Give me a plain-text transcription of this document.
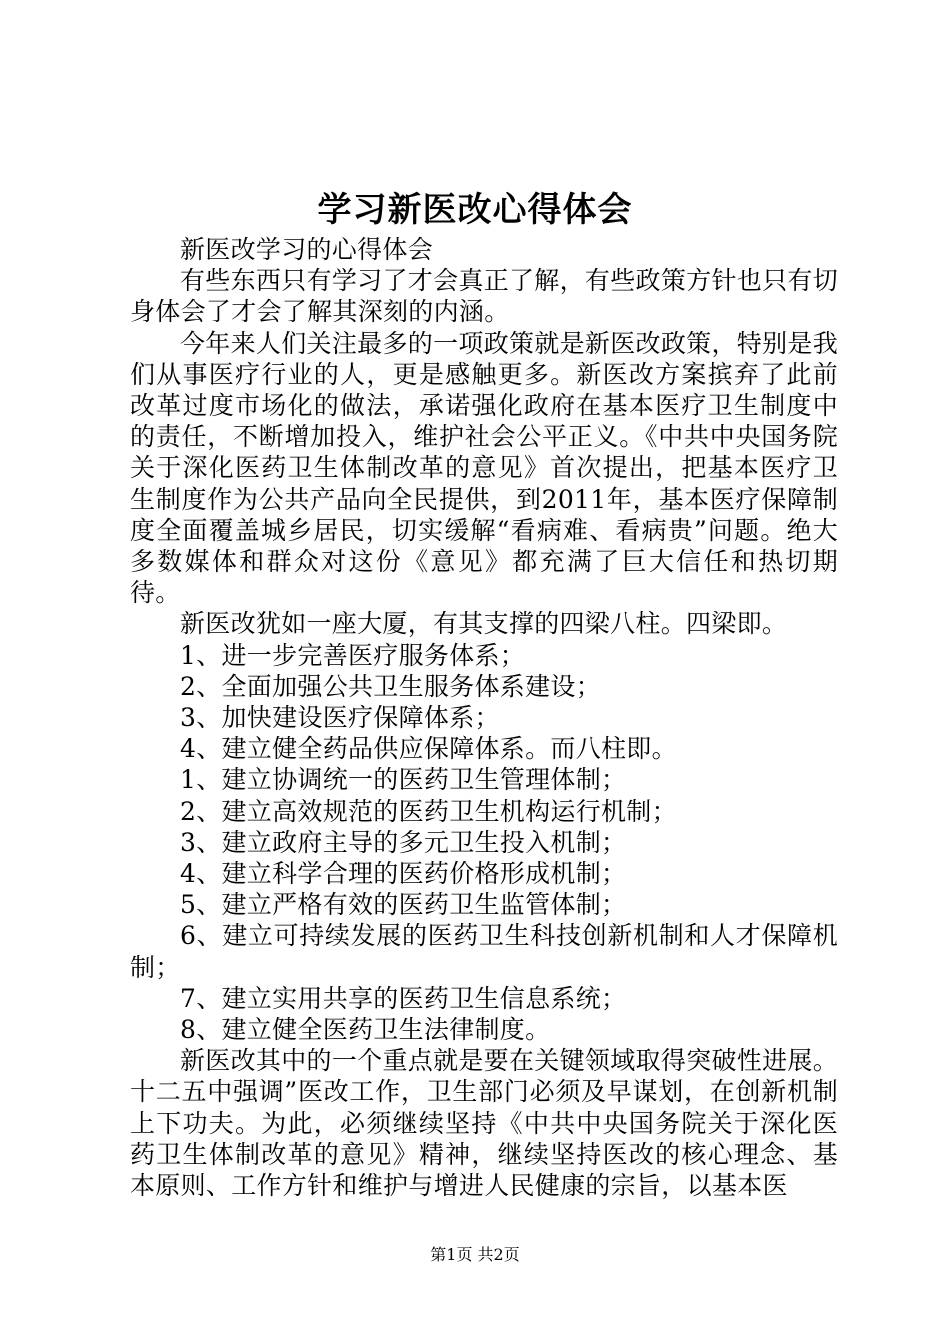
学习新医改心得体会

新医改学习的心得体会

有些东西只有学习了才会真正了解，有些政策方针也只有切身体会了才会了解其深刻的内涵。

今年来人们关注最多的一项政策就是新医改政策，特别是我们从事医疗行业的人，更是感触更多。新医改方案摈弃了此前改革过度市场化的做法，承诺强化政府在基本医疗卫生制度中的责任，不断增加投入，维护社会公平正义。《中共中央国务院关于深化医药卫生体制改革的意见》首次提出，把基本医疗卫生制度作为公共产品向全民提供，到2011年，基本医疗保障制度全面覆盖城乡居民，切实缓解“看病难、看病贵”问题。绝大多数媒体和群众对这份《意见》都充满了巨大信任和热切期待。

新医改犹如一座大厦，有其支撑的四梁八柱。四梁即。

1、进一步完善医疗服务体系；

2、全面加强公共卫生服务体系建设；

3、加快建设医疗保障体系；

4、建立健全药品供应保障体系。而八柱即。

1、建立协调统一的医药卫生管理体制；

2、建立高效规范的医药卫生机构运行机制；

3、建立政府主导的多元卫生投入机制；

4、建立科学合理的医药价格形成机制；

5、建立严格有效的医药卫生监管体制；

6、建立可持续发展的医药卫生科技创新机制和人才保障机制；

7、建立实用共享的医药卫生信息系统；

8、建立健全医药卫生法律制度。

新医改其中的一个重点就是要在关键领域取得突破性进展。十二五中强调”医改工作，卫生部门必须及早谋划，在创新机制上下功夫。为此，必须继续坚持《中共中央国务院关于深化医药卫生体制改革的意见》精神，继续坚持医改的核心理念、基本原则、工作方针和维护与增进人民健康的宗旨，以基本医

第1页 共2页
